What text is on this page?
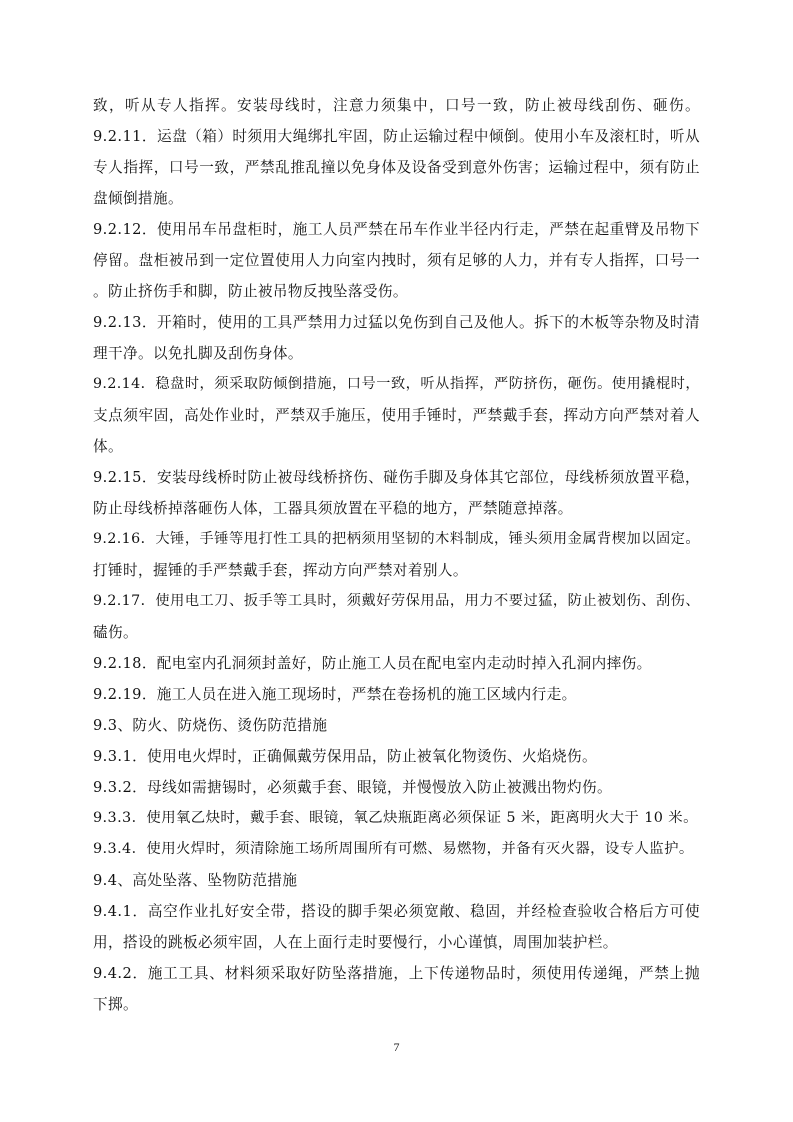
致，听从专人指挥。安装母线时，注意力须集中，口号一致，防止被母线刮伤、砸伤。
9.2.11．运盘（箱）时须用大绳绑扎牢固，防止运输过程中倾倒。使用小车及滚杠时，听从
专人指挥，口号一致，严禁乱推乱撞以免身体及设备受到意外伤害；运输过程中，须有防止
盘倾倒措施。
9.2.12．使用吊车吊盘柜时，施工人员严禁在吊车作业半径内行走，严禁在起重臂及吊物下
停留。盘柜被吊到一定位置使用人力向室内拽时，须有足够的人力，并有专人指挥，口号一
。防止挤伤手和脚，防止被吊物反拽坠落受伤。
9.2.13．开箱时，使用的工具严禁用力过猛以免伤到自己及他人。拆下的木板等杂物及时清
理干净。以免扎脚及刮伤身体。
9.2.14．稳盘时，须采取防倾倒措施，口号一致，听从指挥，严防挤伤，砸伤。使用撬棍时，
支点须牢固，高处作业时，严禁双手施压，使用手锤时，严禁戴手套，挥动方向严禁对着人
体。
9.2.15．安装母线桥时防止被母线桥挤伤、碰伤手脚及身体其它部位，母线桥须放置平稳，
防止母线桥掉落砸伤人体，工器具须放置在平稳的地方，严禁随意掉落。
9.2.16．大锤，手锤等甩打性工具的把柄须用坚韧的木料制成，锤头须用金属背楔加以固定。
打锤时，握锤的手严禁戴手套，挥动方向严禁对着别人。
9.2.17．使用电工刀、扳手等工具时，须戴好劳保用品，用力不要过猛，防止被划伤、刮伤、
磕伤。
9.2.18．配电室内孔洞须封盖好，防止施工人员在配电室内走动时掉入孔洞内摔伤。
9.2.19．施工人员在进入施工现场时，严禁在卷扬机的施工区域内行走。
9.3、防火、防烧伤、烫伤防范措施
9.3.1．使用电火焊时，正确佩戴劳保用品，防止被氧化物烫伤、火焰烧伤。
9.3.2．母线如需搪锡时，必须戴手套、眼镜，并慢慢放入防止被溅出物灼伤。
9.3.3．使用氧乙炔时，戴手套、眼镜，氧乙炔瓶距离必须保证 5 米，距离明火大于 10 米。
9.3.4．使用火焊时，须清除施工场所周围所有可燃、易燃物，并备有灭火器，设专人监护。
9.4、高处坠落、坠物防范措施
9.4.1．高空作业扎好安全带，搭设的脚手架必须宽敞、稳固，并经检查验收合格后方可使
用，搭设的跳板必须牢固，人在上面行走时要慢行，小心谨慎，周围加装护栏。
9.4.2．施工工具、材料须采取好防坠落措施，上下传递物品时，须使用传递绳，严禁上抛
下掷。
7
